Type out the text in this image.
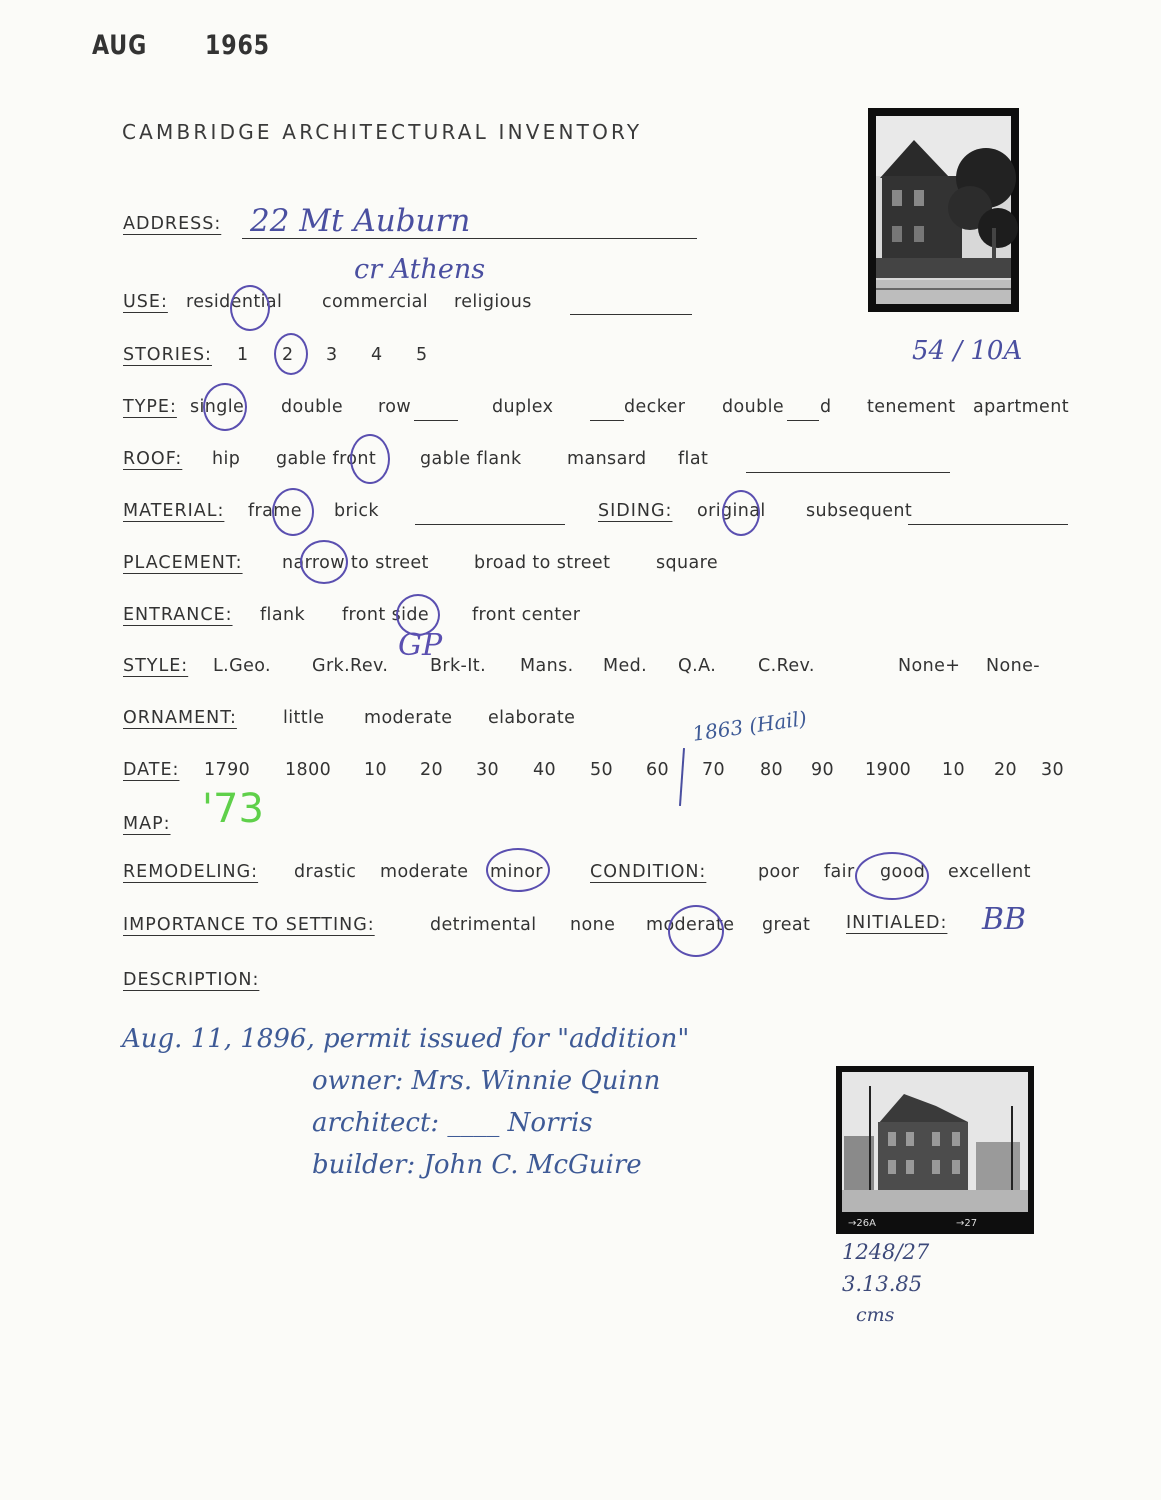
AUG 1965
CAMBRIDGE ARCHITECTURAL INVENTORY
ADDRESS: 22 Mt Auburn
cr Athens
USE: residential commercial religious
STORIES: 1 2 3 4 5	54 / 10A
TYPE: single double row	duplex	decker double d tenement apartment
ROOF: hip gable front	gable flank	mansard flat
MATERIAL: frame brick	SIDING: original subsequent
PLACEMENT: narrow to street	broad to street	square
ENTRANCE: flank front side front center
STYLE: L.Geo. Grk.Rev. Brk-It. Mans. Med. Q.A. C.Rev.	None+ None-
GP
ORNAMENT:	little moderate elaborate	1863 (Hail)
DATE: 1790 1800 10 20 30 40 50 60 70 80 90 1900 10 20 30
MAP: '73
REMODELING: drastic moderate minor	CONDITION:	poor fair good excellent
IMPORTANCE TO SETTING:	detrimental none moderate great INITIALED: BB
DESCRIPTION:
Aug. 11, 1896, permit issued for "addition"
owner: Mrs. Winnie Quinn
architect: ____ Norris
builder: John C. McGuire
→26A	→27
1248/27
3.13.85
cms
